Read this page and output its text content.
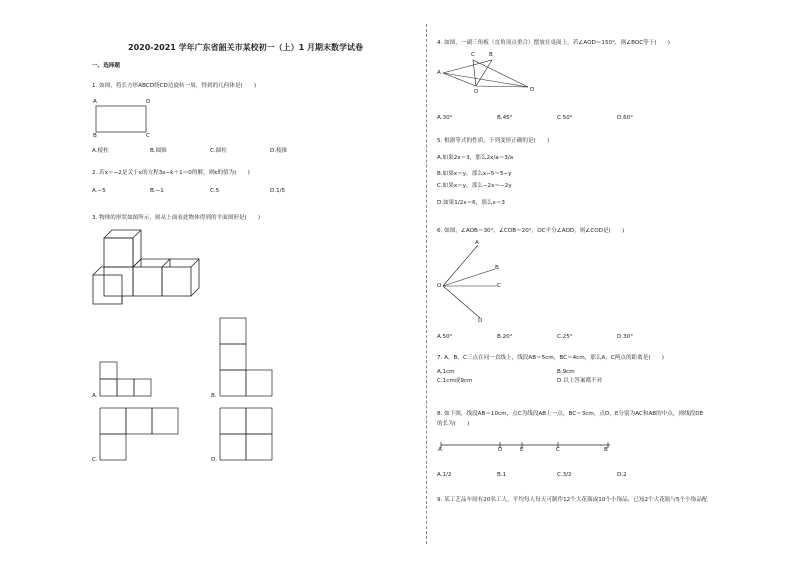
2020-2021 学年广东省韶关市某校初一（上）1 月期末数学试卷
一、选择题
1. 如图，将长方形ABCD绕CD边旋转一周，得到的几何体是(　　)
A	D
B	C
A.棱柱	B.圆锥	C.圆柱	D.棱锥
2. 若x＝−2是关于x的方程3x−k＋1＝0的解，则k的值为(　　)
A.−5	B.−1	C.5	D.1/5
3. 物体的形状如图所示，则从上面看此物体得到的平面图形是(　　)
A.	B.
C.	D.
4. 如图，一副三角板（直角顶点重合）摆放在桌面上，若∠AOD＝150°，则∠BOC等于(　　)
C	B
A
O	D
A.30°	B.45°	C.50°	D.60°
5. 根据等式的性质，下列变形正确的是(　　)
A.如果2x＝3，那么2x/a＝3/a
B.如果x＝y，那么x−5＝5−y
C.如果x＝y，那么−2x＝−2y
D.如果1/2x＝6，那么x＝3
6. 如图，∠AOB＝30°，∠COB＝20°，OC平分∠AOD，则∠COD是(　　)
A
B
O	C
D
A.50°	B.20°	C.25°	D.30°
7. A，B，C三点在同一直线上，线段AB＝5cm，BC＝4cm，那么A，C两点的距离是(　　)
A.1cm	B.9cm
C.1cm或9cm	D.以上答案都不对
8. 如下图，线段AB＝10cm，点C为线段AB上一点，BC＝3cm，点D，E分别为AC和AB的中点，则线段DE
的长为(　　)
A	D	E	C	B
A.1/2	B.1	C.3/2	D.2
9. 某工艺品车间有20名工人，平均每人每天可制作12个大花瓶或10个小饰品，已知2个大花瓶与5个小饰品配
